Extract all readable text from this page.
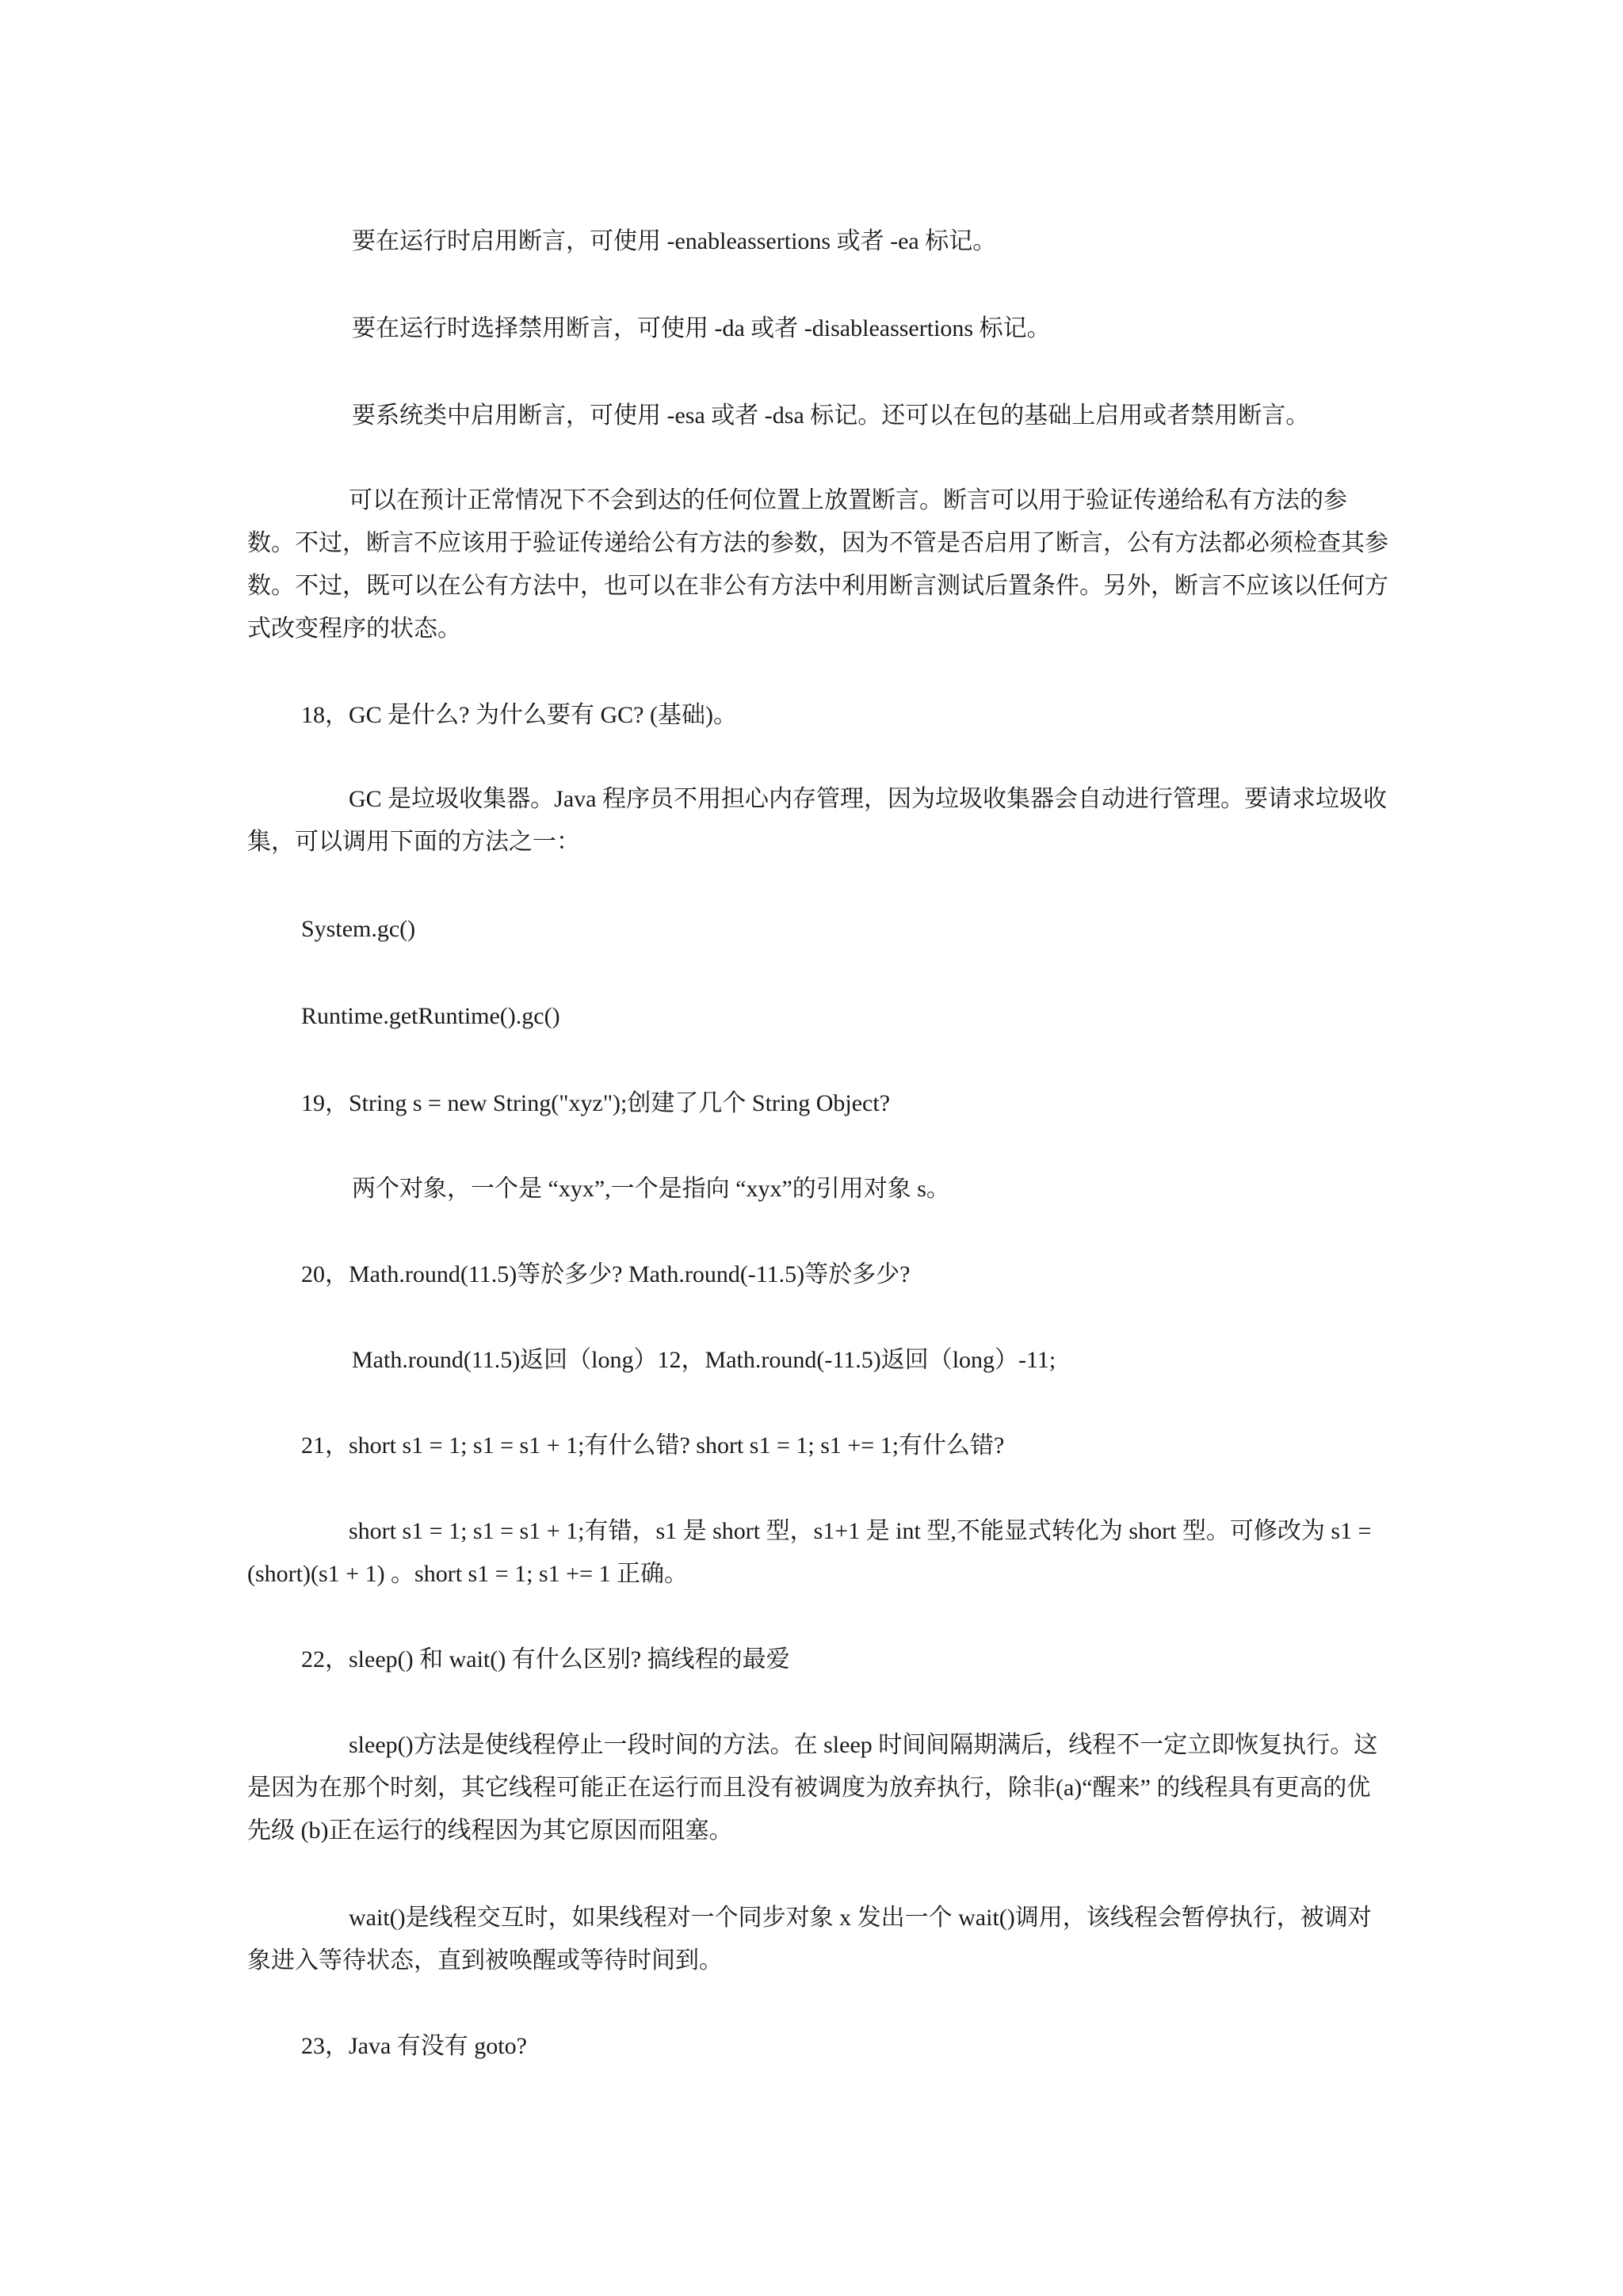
要在运行时启用断言，可使用 -enableassertions 或者 -ea 标记。

要在运行时选择禁用断言，可使用 -da 或者 -disableassertions 标记。

要系统类中启用断言，可使用 -esa 或者 -dsa 标记。还可以在包的基础上启用或者禁用断言。

可以在预计正常情况下不会到达的任何位置上放置断言。断言可以用于验证传递给私有方法的参数。不过，断言不应该用于验证传递给公有方法的参数，因为不管是否启用了断言，公有方法都必须检查其参数。不过，既可以在公有方法中，也可以在非公有方法中利用断言测试后置条件。另外，断言不应该以任何方式改变程序的状态。

18，GC 是什么? 为什么要有 GC? (基础)。

GC 是垃圾收集器。Java 程序员不用担心内存管理，因为垃圾收集器会自动进行管理。要请求垃圾收集，可以调用下面的方法之一：

System.gc()

Runtime.getRuntime().gc()

19，String s = new String("xyz");创建了几个 String Object?

两个对象，一个是 “xyx”,一个是指向 “xyx”的引用对象 s。

20，Math.round(11.5)等於多少? Math.round(-11.5)等於多少?

Math.round(11.5)返回（long）12，Math.round(-11.5)返回（long）-11;

21，short s1 = 1; s1 = s1 + 1;有什么错? short s1 = 1; s1 += 1;有什么错?

short s1 = 1; s1 = s1 + 1;有错，s1 是 short 型，s1+1 是 int 型,不能显式转化为 short 型。可修改为 s1 =(short)(s1 + 1) 。short s1 = 1; s1 += 1 正确。

22，sleep() 和 wait() 有什么区别? 搞线程的最爱

sleep()方法是使线程停止一段时间的方法。在 sleep 时间间隔期满后，线程不一定立即恢复执行。这是因为在那个时刻，其它线程可能正在运行而且没有被调度为放弃执行，除非(a)“醒来” 的线程具有更高的优先级 (b)正在运行的线程因为其它原因而阻塞。

wait()是线程交互时，如果线程对一个同步对象 x 发出一个 wait()调用，该线程会暂停执行，被调对象进入等待状态，直到被唤醒或等待时间到。

23，Java 有没有 goto?
